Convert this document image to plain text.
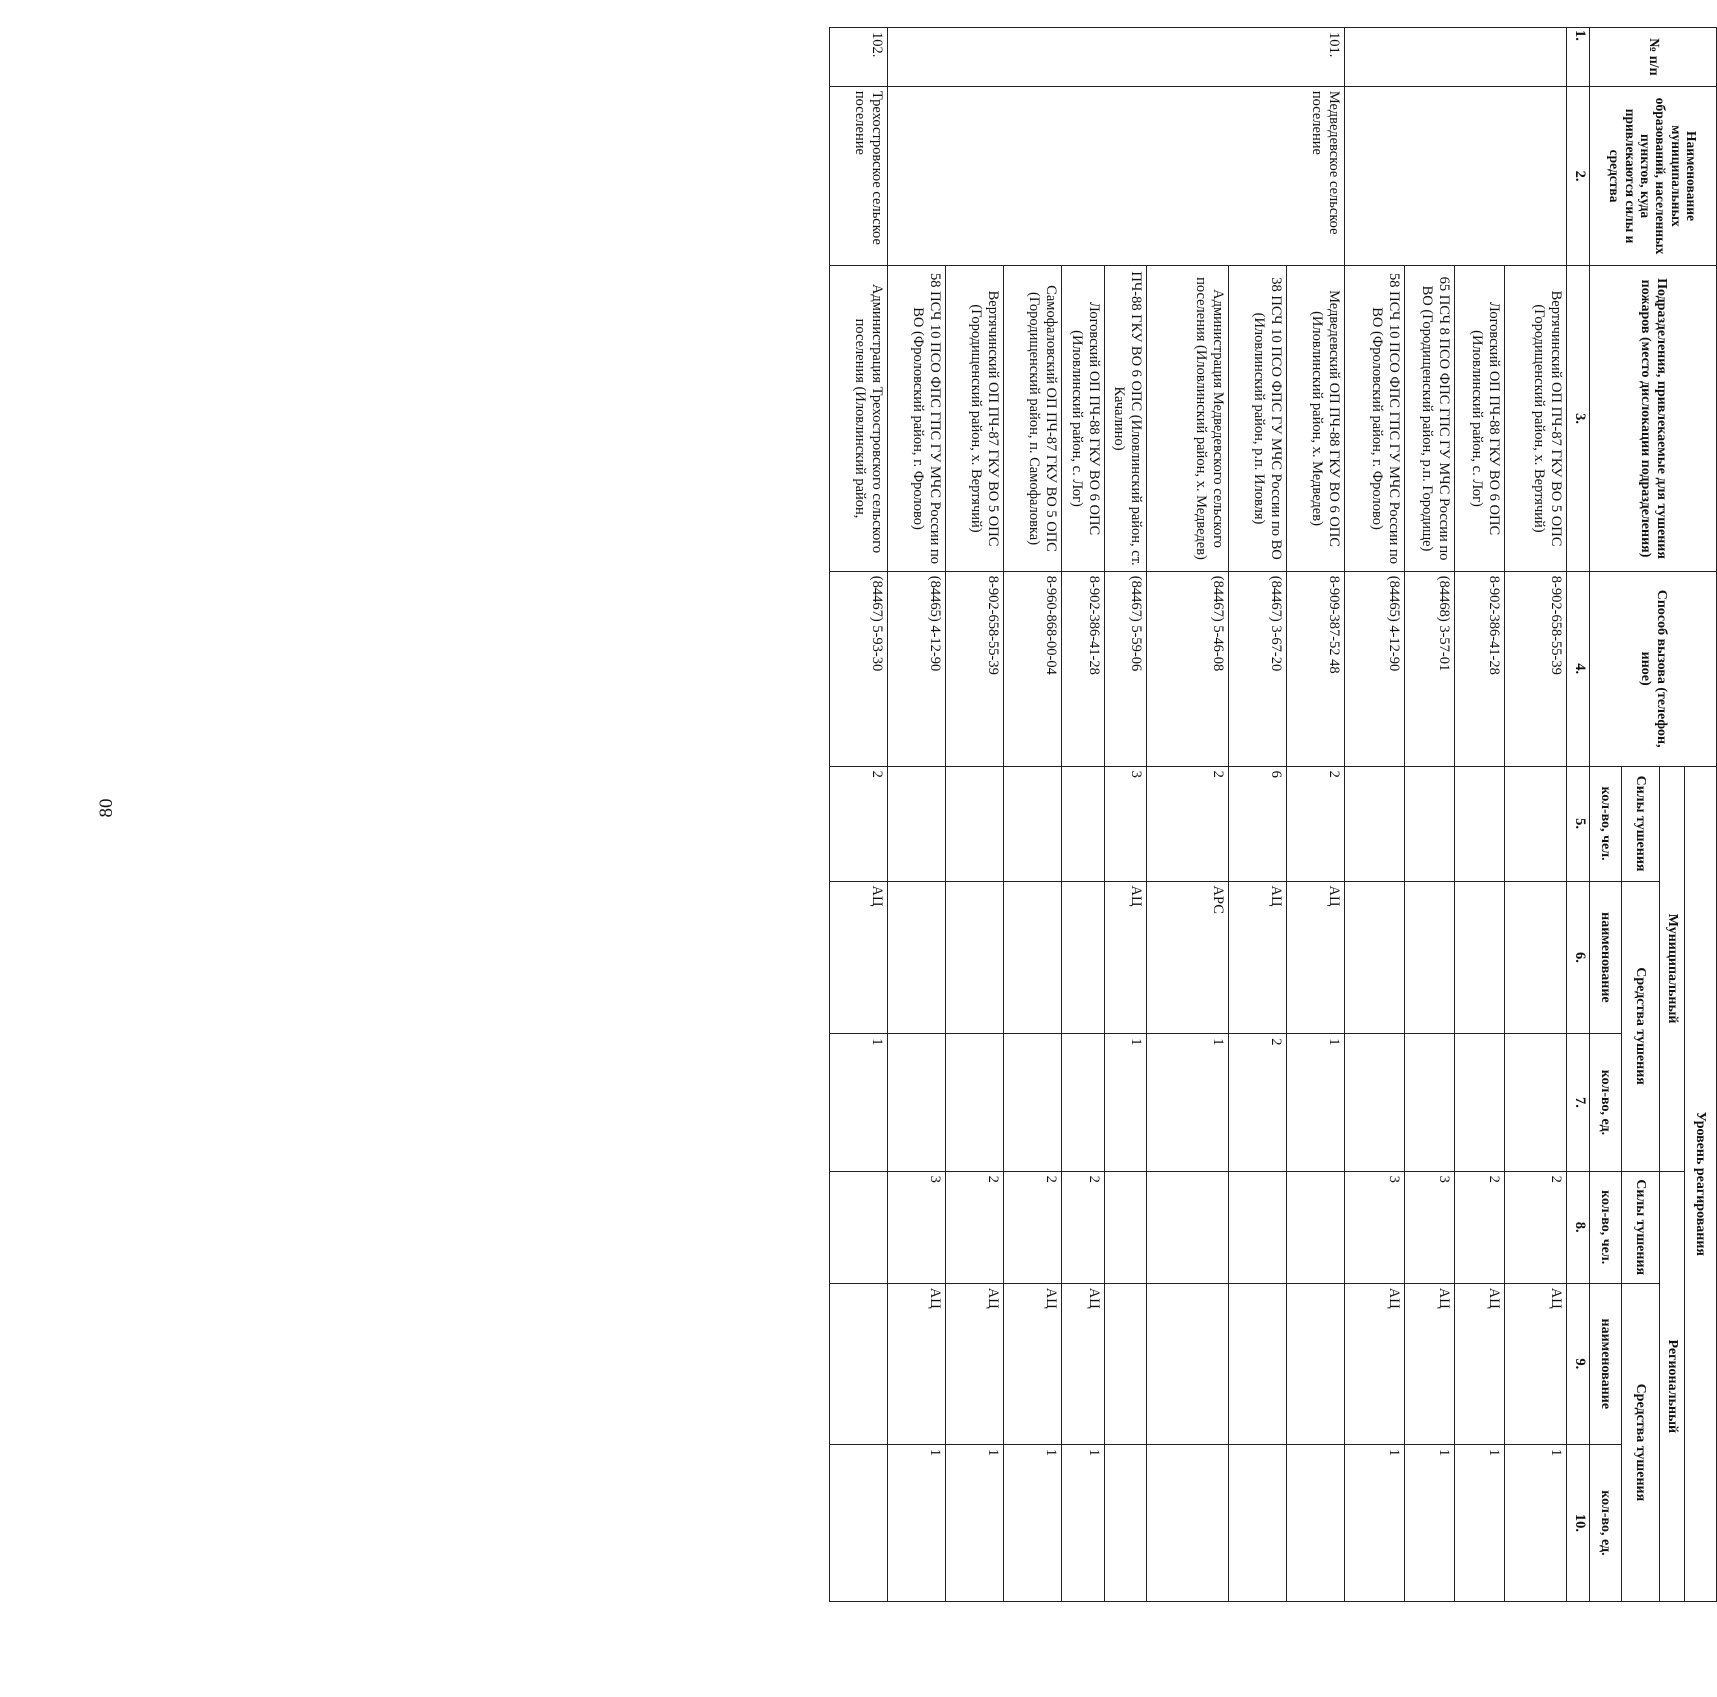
80
№ п/п	Наименование муниципальных образований, населенных пунктов, куда привлекаются силы и средства	Подразделения, привлекаемые для тушения пожаров (место дислокации подразделения)	Способ вызова (телефон, иное)	Уровень реагирования					
				Муниципальный			Региональный		
				Силы тушения	Средства тушения		Силы тушения	Средства тушения	
				кол-во, чел.	наименование	кол-во, ед.	кол-во, чел.	наименование	кол-во, ед.
1.	2.	3.	4.	5.	6.	7.	8.	9.	10.
		Вертячинский ОП ПЧ-87 ГКУ ВО 5 ОПС (Городищенский район, х. Вертячий)	8-902-658-55-39				2	АЦ	1
		Логовский ОП ПЧ-88 ГКУ ВО 6 ОПС (Иловлинский район, с. Лог)	8-902-386-41-28				2	АЦ	1
		65 ПСЧ 8 ПСО ФПС ГПС ГУ МЧС России по ВО (Городищенский район, р.п. Городище)	(84468) 3-57-01				3	АЦ	1
		58 ПСЧ 10 ПСО ФПС ГПС ГУ МЧС России по ВО (Фроловский район, г. Фролово)	(84465) 4-12-90				3	АЦ	1
101.	Медведевское сельское поселение	Медведевский ОП ПЧ-88 ГКУ ВО 6 ОПС (Иловлинский район, х. Медведев)	8-909-387-52 48	2	АЦ	1			
		38 ПСЧ 10 ПСО ФПС ГУ МЧС России по ВО (Иловлинский район, р.п. Иловля)	(84467) 3-67-20	6	АЦ	2			
		Администрация Медведевского сельского поселения (Иловлинский район, х. Медведев)	(84467) 5-46-08	2	АРС	1			
		ПЧ-88 ГКУ ВО 6 ОПС (Иловлинский район, ст. Качалино)	(84467) 5-59-06	3	АЦ	1			
		Логовский ОП ПЧ-88 ГКУ ВО 6 ОПС (Иловлинский район, с. Лог)	8-902-386-41-28				2	АЦ	1
		Самофаловский ОП ПЧ-87 ГКУ ВО 5 ОПС (Городищенский район, п. Самофаловка)	8-960-868-00-04				2	АЦ	1
		Вертячинский ОП ПЧ-87 ГКУ ВО 5 ОПС (Городищенский район, х. Вертячий)	8-902-658-55-39				2	АЦ	1
		58 ПСЧ 10 ПСО ФПС ГПС ГУ МЧС России по ВО (Фроловский район, г. Фролово)	(84465) 4-12-90				3	АЦ	1
102.	Трехостровское сельское поселение	Администрация Трехостровского сельского поселения (Иловлинский район,	(84467) 5-93-30	2	АЦ	1			
